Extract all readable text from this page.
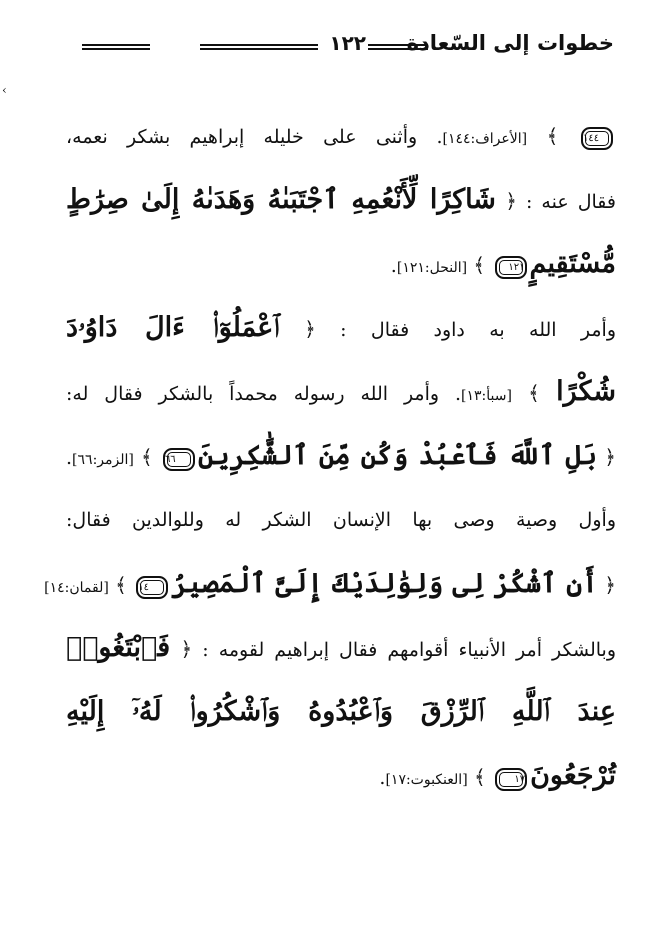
خطوات إلى السّعادة
١٢٢
‹
١٤٤ ﴾ [الأعراف:١٤٤]. وأثنى على خليله إبراهيم بشكر نعمه،
فقال عنه : ﴿ شَاكِرًا لِّأَنْعُمِهِ ٱجْتَبَىٰهُ وَهَدَىٰهُ إِلَىٰ صِرَٰطٍ
مُّسْتَقِيمٍ١٢١ ﴾ [النحل:١٢١].
وأمر الله به داود فقال : ﴿ ٱعْمَلُوٓا۟ ءَالَ دَاوُۥدَ
شُكْرًا ﴾ [سبأ:١٣]. وأمر الله رسوله محمداً بالشكر فقال له:
﴿ بَلِ ٱللَّهَ فَٱعْبُدْ وَكُن مِّنَ ٱلشَّٰكِرِينَ٦٦ ﴾ [الزمر:٦٦].
وأول وصية وصى بها الإنسان الشكر له وللوالدين فقال:
﴿ أَنِ ٱشْكُرْ لِى وَلِوَٰلِدَيْكَ إِلَىَّ ٱلْمَصِيرُ١٤ ﴾ [لقمان:١٤]
وبالشكر أمر الأنبياء أقوامهم فقال إبراهيم لقومه : ﴿ فَٱبْتَغُوا۟
عِندَ ٱللَّهِ ٱلرِّزْقَ وَٱعْبُدُوهُ وَٱشْكُرُوا۟ لَهُۥٓ إِلَيْهِ
تُرْجَعُونَ١٧ ﴾ [العنكبوت:١٧].
